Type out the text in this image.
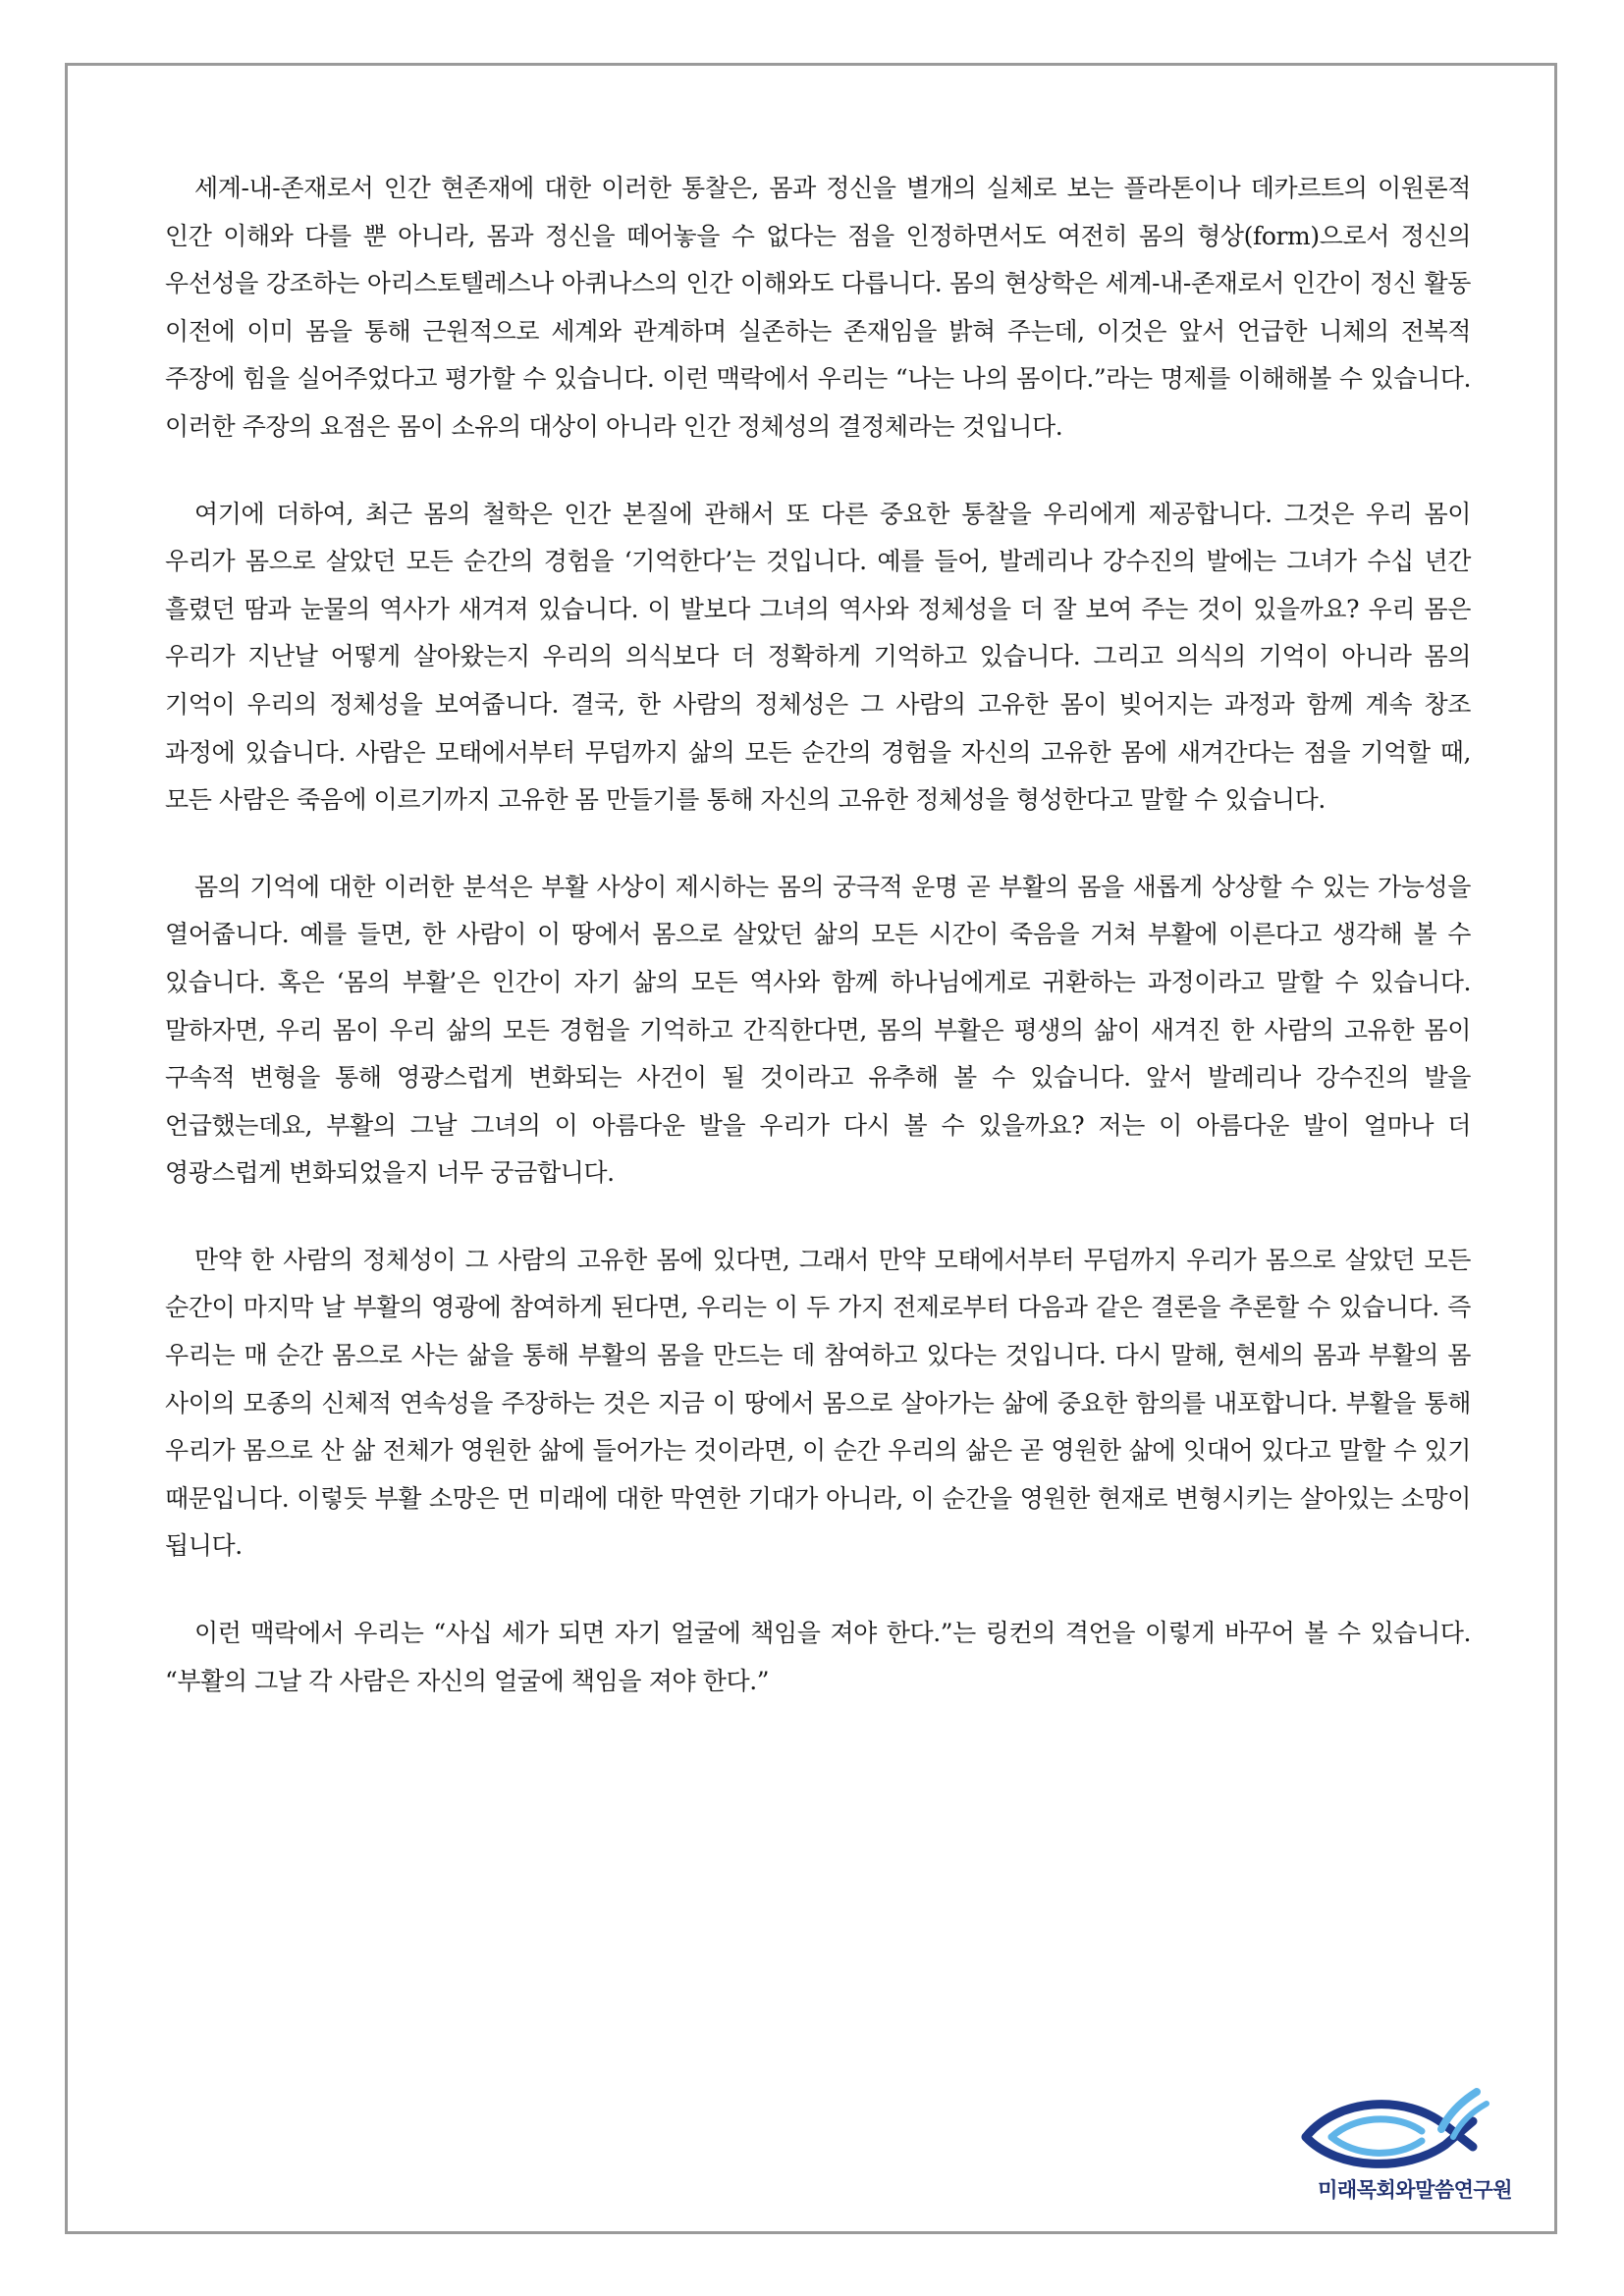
세계-내-존재로서 인간 현존재에 대한 이러한 통찰은, 몸과 정신을 별개의 실체로 보는 플라톤이나 데카르트의 이원론적 인간 이해와 다를 뿐 아니라, 몸과 정신을 떼어놓을 수 없다는 점을 인정하면서도 여전히 몸의 형상(form)으로서 정신의 우선성을 강조하는 아리스토텔레스나 아퀴나스의 인간 이해와도 다릅니다. 몸의 현상학은 세계-내-존재로서 인간이 정신 활동 이전에 이미 몸을 통해 근원적으로 세계와 관계하며 실존하는 존재임을 밝혀 주는데, 이것은 앞서 언급한 니체의 전복적 주장에 힘을 실어주었다고 평가할 수 있습니다. 이런 맥락에서 우리는 “나는 나의 몸이다.”라는 명제를 이해해볼 수 있습니다. 이러한 주장의 요점은 몸이 소유의 대상이 아니라 인간 정체성의 결정체라는 것입니다.

여기에 더하여, 최근 몸의 철학은 인간 본질에 관해서 또 다른 중요한 통찰을 우리에게 제공합니다. 그것은 우리 몸이 우리가 몸으로 살았던 모든 순간의 경험을 ‘기억한다’는 것입니다. 예를 들어, 발레리나 강수진의 발에는 그녀가 수십 년간 흘렸던 땀과 눈물의 역사가 새겨져 있습니다. 이 발보다 그녀의 역사와 정체성을 더 잘 보여 주는 것이 있을까요? 우리 몸은 우리가 지난날 어떻게 살아왔는지 우리의 의식보다 더 정확하게 기억하고 있습니다. 그리고 의식의 기억이 아니라 몸의 기억이 우리의 정체성을 보여줍니다. 결국, 한 사람의 정체성은 그 사람의 고유한 몸이 빚어지는 과정과 함께 계속 창조 과정에 있습니다. 사람은 모태에서부터 무덤까지 삶의 모든 순간의 경험을 자신의 고유한 몸에 새겨간다는 점을 기억할 때, 모든 사람은 죽음에 이르기까지 고유한 몸 만들기를 통해 자신의 고유한 정체성을 형성한다고 말할 수 있습니다.

몸의 기억에 대한 이러한 분석은 부활 사상이 제시하는 몸의 궁극적 운명 곧 부활의 몸을 새롭게 상상할 수 있는 가능성을 열어줍니다. 예를 들면, 한 사람이 이 땅에서 몸으로 살았던 삶의 모든 시간이 죽음을 거쳐 부활에 이른다고 생각해 볼 수 있습니다. 혹은 ‘몸의 부활’은 인간이 자기 삶의 모든 역사와 함께 하나님에게로 귀환하는 과정이라고 말할 수 있습니다. 말하자면, 우리 몸이 우리 삶의 모든 경험을 기억하고 간직한다면, 몸의 부활은 평생의 삶이 새겨진 한 사람의 고유한 몸이 구속적 변형을 통해 영광스럽게 변화되는 사건이 될 것이라고 유추해 볼 수 있습니다. 앞서 발레리나 강수진의 발을 언급했는데요, 부활의 그날 그녀의 이 아름다운 발을 우리가 다시 볼 수 있을까요? 저는 이 아름다운 발이 얼마나 더 영광스럽게 변화되었을지 너무 궁금합니다.

만약 한 사람의 정체성이 그 사람의 고유한 몸에 있다면, 그래서 만약 모태에서부터 무덤까지 우리가 몸으로 살았던 모든 순간이 마지막 날 부활의 영광에 참여하게 된다면, 우리는 이 두 가지 전제로부터 다음과 같은 결론을 추론할 수 있습니다. 즉 우리는 매 순간 몸으로 사는 삶을 통해 부활의 몸을 만드는 데 참여하고 있다는 것입니다. 다시 말해, 현세의 몸과 부활의 몸 사이의 모종의 신체적 연속성을 주장하는 것은 지금 이 땅에서 몸으로 살아가는 삶에 중요한 함의를 내포합니다. 부활을 통해 우리가 몸으로 산 삶 전체가 영원한 삶에 들어가는 것이라면, 이 순간 우리의 삶은 곧 영원한 삶에 잇대어 있다고 말할 수 있기 때문입니다. 이렇듯 부활 소망은 먼 미래에 대한 막연한 기대가 아니라, 이 순간을 영원한 현재로 변형시키는 살아있는 소망이 됩니다.

이런 맥락에서 우리는 “사십 세가 되면 자기 얼굴에 책임을 져야 한다.”는 링컨의 격언을 이렇게 바꾸어 볼 수 있습니다. “부활의 그날 각 사람은 자신의 얼굴에 책임을 져야 한다.”

미래목회와말씀연구원
